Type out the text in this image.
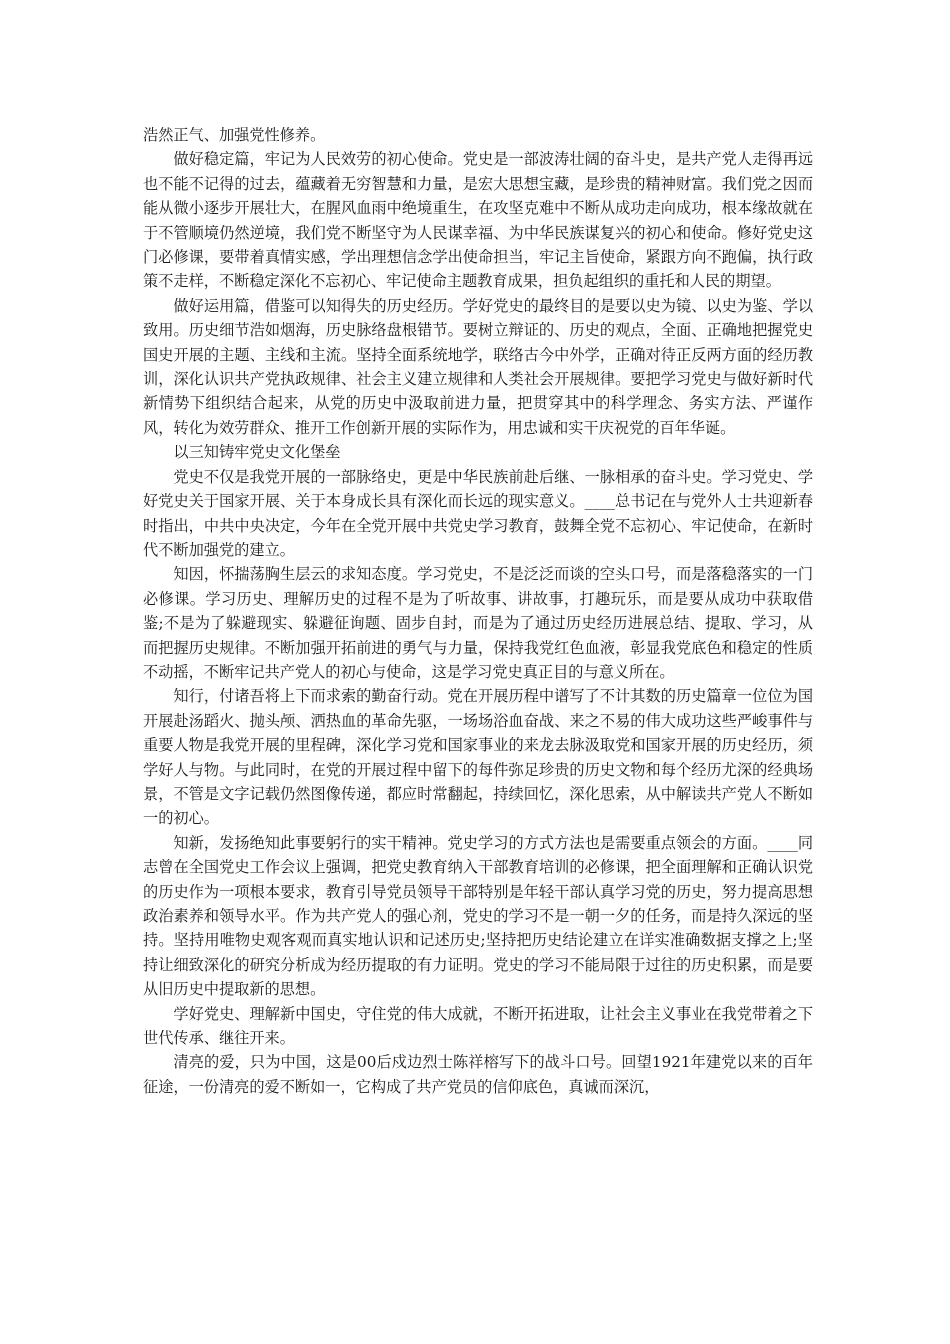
浩然正气、加强党性修养。

做好稳定篇，牢记为人民效劳的初心使命。党史是一部波涛壮阔的奋斗史，是共产党人走得再远也不能不记得的过去，蕴藏着无穷智慧和力量，是宏大思想宝藏，是珍贵的精神财富。我们党之因而能从微小逐步开展壮大，在腥风血雨中绝境重生，在攻坚克难中不断从成功走向成功，根本缘故就在于不管顺境仍然逆境，我们党不断坚守为人民谋幸福、为中华民族谋复兴的初心和使命。修好党史这门必修课，要带着真情实感，学出理想信念学出使命担当，牢记主旨使命，紧跟方向不跑偏，执行政策不走样，不断稳定深化不忘初心、牢记使命主题教育成果，担负起组织的重托和人民的期望。

做好运用篇，借鉴可以知得失的历史经历。学好党史的最终目的是要以史为镜、以史为鉴、学以致用。历史细节浩如烟海，历史脉络盘根错节。要树立辩证的、历史的观点，全面、正确地把握党史国史开展的主题、主线和主流。坚持全面系统地学，联络古今中外学，正确对待正反两方面的经历教训，深化认识共产党执政规律、社会主义建立规律和人类社会开展规律。要把学习党史与做好新时代新情势下组织结合起来，从党的历史中汲取前进力量，把贯穿其中的科学理念、务实方法、严谨作风，转化为效劳群众、推开工作创新开展的实际作为，用忠诚和实干庆祝党的百年华诞。

以三知铸牢党史文化堡垒

党史不仅是我党开展的一部脉络史，更是中华民族前赴后继、一脉相承的奋斗史。学习党史、学好党史关于国家开展、关于本身成长具有深化而长远的现实意义。____总书记在与党外人士共迎新春时指出，中共中央决定，今年在全党开展中共党史学习教育，鼓舞全党不忘初心、牢记使命，在新时代不断加强党的建立。

知因，怀揣荡胸生层云的求知态度。学习党史，不是泛泛而谈的空头口号，而是落稳落实的一门必修课。学习历史、理解历史的过程不是为了听故事、讲故事，打趣玩乐，而是要从成功中获取借鉴;不是为了躲避现实、躲避征询题、固步自封，而是为了通过历史经历进展总结、提取、学习，从而把握历史规律。不断加强开拓前进的勇气与力量，保持我党红色血液，彰显我党底色和稳定的性质不动摇，不断牢记共产党人的初心与使命，这是学习党史真正目的与意义所在。

知行，付诸吾将上下而求索的勤奋行动。党在开展历程中谱写了不计其数的历史篇章一位位为国开展赴汤蹈火、抛头颅、洒热血的革命先驱，一场场浴血奋战、来之不易的伟大成功这些严峻事件与重要人物是我党开展的里程碑，深化学习党和国家事业的来龙去脉汲取党和国家开展的历史经历，须学好人与物。与此同时，在党的开展过程中留下的每件弥足珍贵的历史文物和每个经历尤深的经典场景，不管是文字记载仍然图像传递，都应时常翻起，持续回忆，深化思索，从中解读共产党人不断如一的初心。

知新，发扬绝知此事要躬行的实干精神。党史学习的方式方法也是需要重点领会的方面。____同志曾在全国党史工作会议上强调，把党史教育纳入干部教育培训的必修课，把全面理解和正确认识党的历史作为一项根本要求，教育引导党员领导干部特别是年轻干部认真学习党的历史，努力提高思想政治素养和领导水平。作为共产党人的强心剂，党史的学习不是一朝一夕的任务，而是持久深远的坚持。坚持用唯物史观客观而真实地认识和记述历史;坚持把历史结论建立在详实准确数据支撑之上;坚持让细致深化的研究分析成为经历提取的有力证明。党史的学习不能局限于过往的历史积累，而是要从旧历史中提取新的思想。

学好党史、理解新中国史，守住党的伟大成就，不断开拓进取，让社会主义事业在我党带着之下世代传承、继往开来。

清亮的爱，只为中国，这是00后戍边烈士陈祥榕写下的战斗口号。回望1921年建党以来的百年征途，一份清亮的爱不断如一，它构成了共产党员的信仰底色，真诚而深沉，
